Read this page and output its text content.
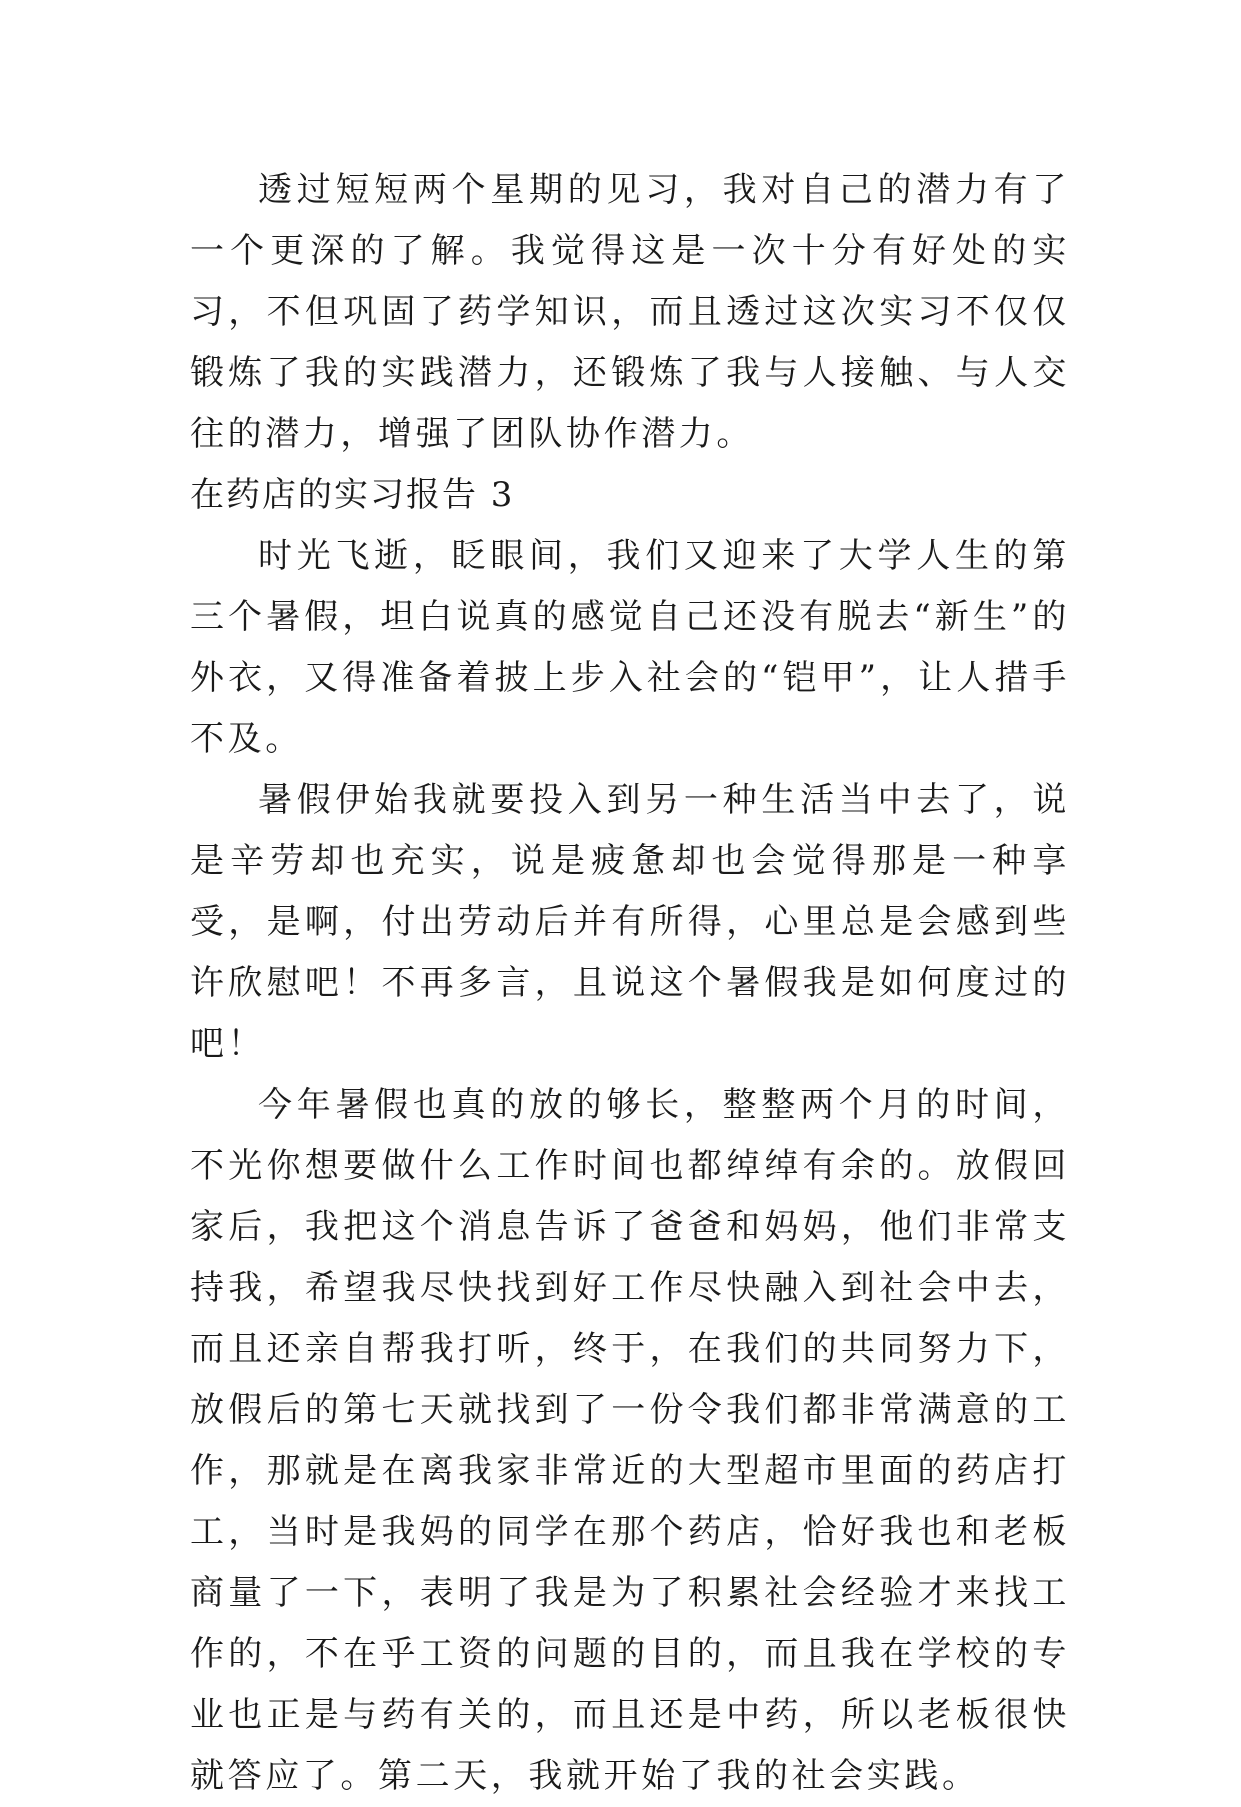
透过短短两个星期的见习，我对自己的潜力有了一个更深的了解。我觉得这是一次十分有好处的实习，不但巩固了药学知识，而且透过这次实习不仅仅锻炼了我的实践潜力，还锻炼了我与人接触、与人交往的潜力，增强了团队协作潜力。

在药店的实习报告 3

时光飞逝，眨眼间，我们又迎来了大学人生的第三个暑假，坦白说真的感觉自己还没有脱去“新生”的外衣，又得准备着披上步入社会的“铠甲”，让人措手不及。

暑假伊始我就要投入到另一种生活当中去了，说是辛劳却也充实，说是疲惫却也会觉得那是一种享受，是啊，付出劳动后并有所得，心里总是会感到些许欣慰吧！不再多言，且说这个暑假我是如何度过的吧！

今年暑假也真的放的够长，整整两个月的时间，不光你想要做什么工作时间也都绰绰有余的。放假回家后，我把这个消息告诉了爸爸和妈妈，他们非常支持我，希望我尽快找到好工作尽快融入到社会中去，而且还亲自帮我打听，终于，在我们的共同努力下，放假后的第七天就找到了一份令我们都非常满意的工作，那就是在离我家非常近的大型超市里面的药店打工，当时是我妈的同学在那个药店，恰好我也和老板商量了一下，表明了我是为了积累社会经验才来找工作的，不在乎工资的问题的目的，而且我在学校的专业也正是与药有关的，而且还是中药，所以老板很快就答应了。第二天，我就开始了我的社会实践。
